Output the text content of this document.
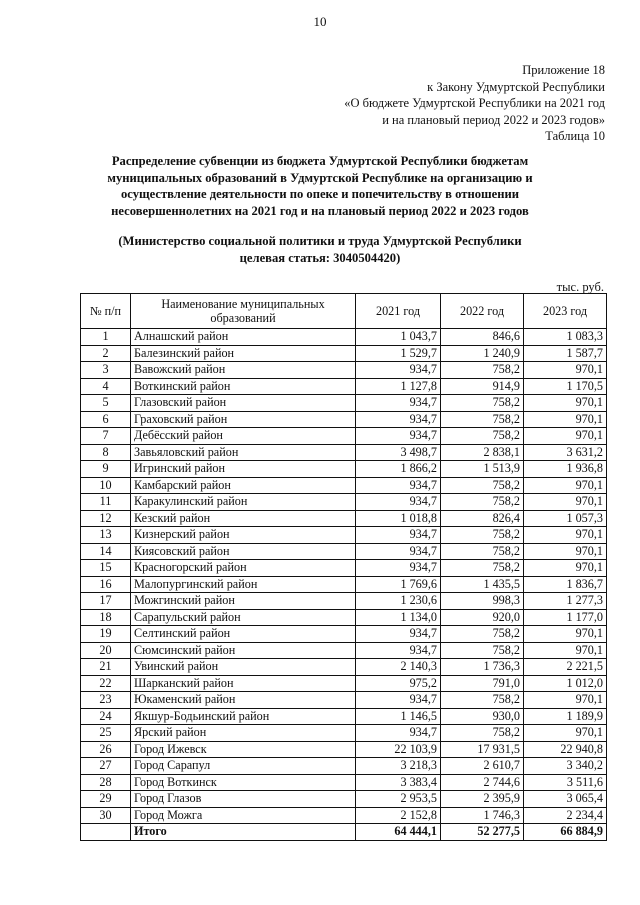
10
Приложение 18
к Закону Удмуртской Республики
«О бюджете Удмуртской Республики на 2021 год
и на плановый период 2022 и 2023 годов»
Таблица 10
Распределение субвенции из бюджета Удмуртской Республики бюджетам
муниципальных образований в Удмуртской Республике на организацию и
осуществление деятельности по опеке и попечительству в отношении
несовершеннолетних на 2021 год и на плановый период 2022 и 2023 годов
(Министерство социальной политики и труда Удмуртской Республики
целевая статья: 3040504420)
тыс. руб.
№ п/п	Наименование муниципальных образований	2021 год	2022 год	2023 год
1	Алнашский район	1 043,7	846,6	1 083,3
2	Балезинский район	1 529,7	1 240,9	1 587,7
3	Вавожский район	934,7	758,2	970,1
4	Воткинский район	1 127,8	914,9	1 170,5
5	Глазовский район	934,7	758,2	970,1
6	Граховский район	934,7	758,2	970,1
7	Дебёсский район	934,7	758,2	970,1
8	Завьяловский район	3 498,7	2 838,1	3 631,2
9	Игринский район	1 866,2	1 513,9	1 936,8
10	Камбарский район	934,7	758,2	970,1
11	Каракулинский район	934,7	758,2	970,1
12	Кезский район	1 018,8	826,4	1 057,3
13	Кизнерский район	934,7	758,2	970,1
14	Киясовский район	934,7	758,2	970,1
15	Красногорский район	934,7	758,2	970,1
16	Малопургинский район	1 769,6	1 435,5	1 836,7
17	Можгинский район	1 230,6	998,3	1 277,3
18	Сарапульский район	1 134,0	920,0	1 177,0
19	Селтинский район	934,7	758,2	970,1
20	Сюмсинский район	934,7	758,2	970,1
21	Увинский район	2 140,3	1 736,3	2 221,5
22	Шарканский район	975,2	791,0	1 012,0
23	Юкаменский район	934,7	758,2	970,1
24	Якшур-Бодьинский район	1 146,5	930,0	1 189,9
25	Ярский район	934,7	758,2	970,1
26	Город Ижевск	22 103,9	17 931,5	22 940,8
27	Город Сарапул	3 218,3	2 610,7	3 340,2
28	Город Воткинск	3 383,4	2 744,6	3 511,6
29	Город Глазов	2 953,5	2 395,9	3 065,4
30	Город Можга	2 152,8	1 746,3	2 234,4
	Итого	64 444,1	52 277,5	66 884,9
